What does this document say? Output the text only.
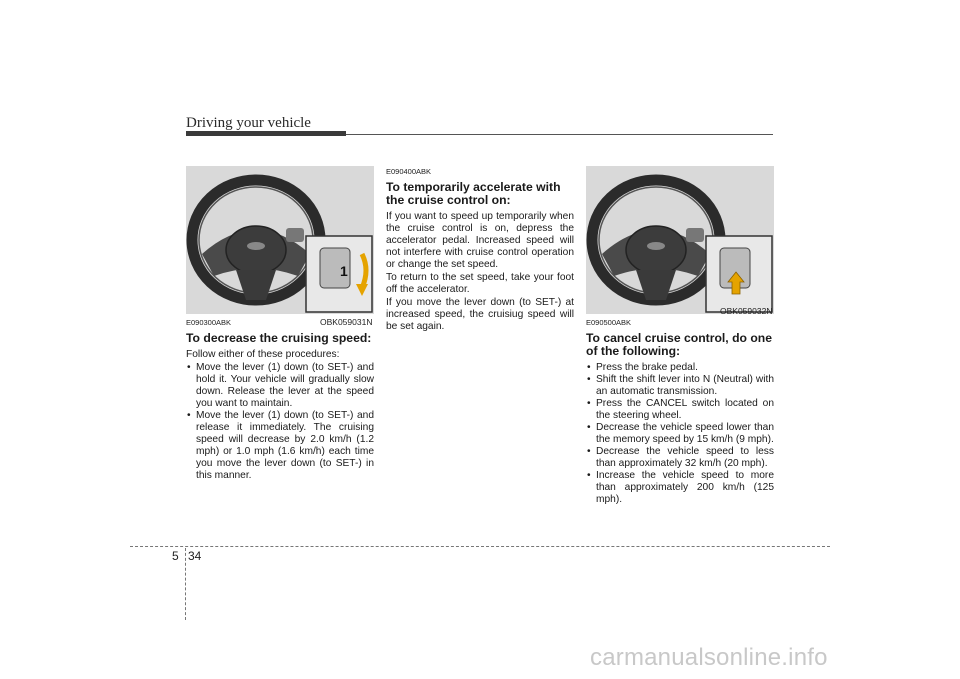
Driving your vehicle
1
OBK059031N
E090300ABK
To decrease the cruising speed:
Follow either of these procedures:
• Move the lever (1) down (to SET-) and hold it. Your vehicle will gradually slow down. Release the lever at the speed you want to maintain.
• Move the lever (1) down (to SET-) and release it immediately. The cruising speed will decrease by 2.0 km/h (1.2 mph) or 1.0 mph (1.6 km/h) each time you move the lever down (to SET-) in this manner.
E090400ABK
To temporarily accelerate with the cruise control on:
If you want to speed up temporarily when the cruise control is on, depress the accelerator pedal. Increased speed will not interfere with cruise control operation or change the set speed.
To return to the set speed, take your foot off the accelerator.
If you move the lever down (to SET-) at increased speed, the cruisiug speed will be set again.
OBK059032N
E090500ABK
To cancel cruise control, do one of the following:
• Press the brake pedal.
• Shift the shift lever into N (Neutral) with an automatic transmission.
• Press the CANCEL switch located on the steering wheel.
• Decrease the vehicle speed lower than the memory speed by 15 km/h (9 mph).
• Decrease the vehicle speed to less than approximately 32 km/h (20 mph).
• Increase the vehicle speed to more than approximately 200 km/h (125 mph).
5 34
carmanualsonline.info
